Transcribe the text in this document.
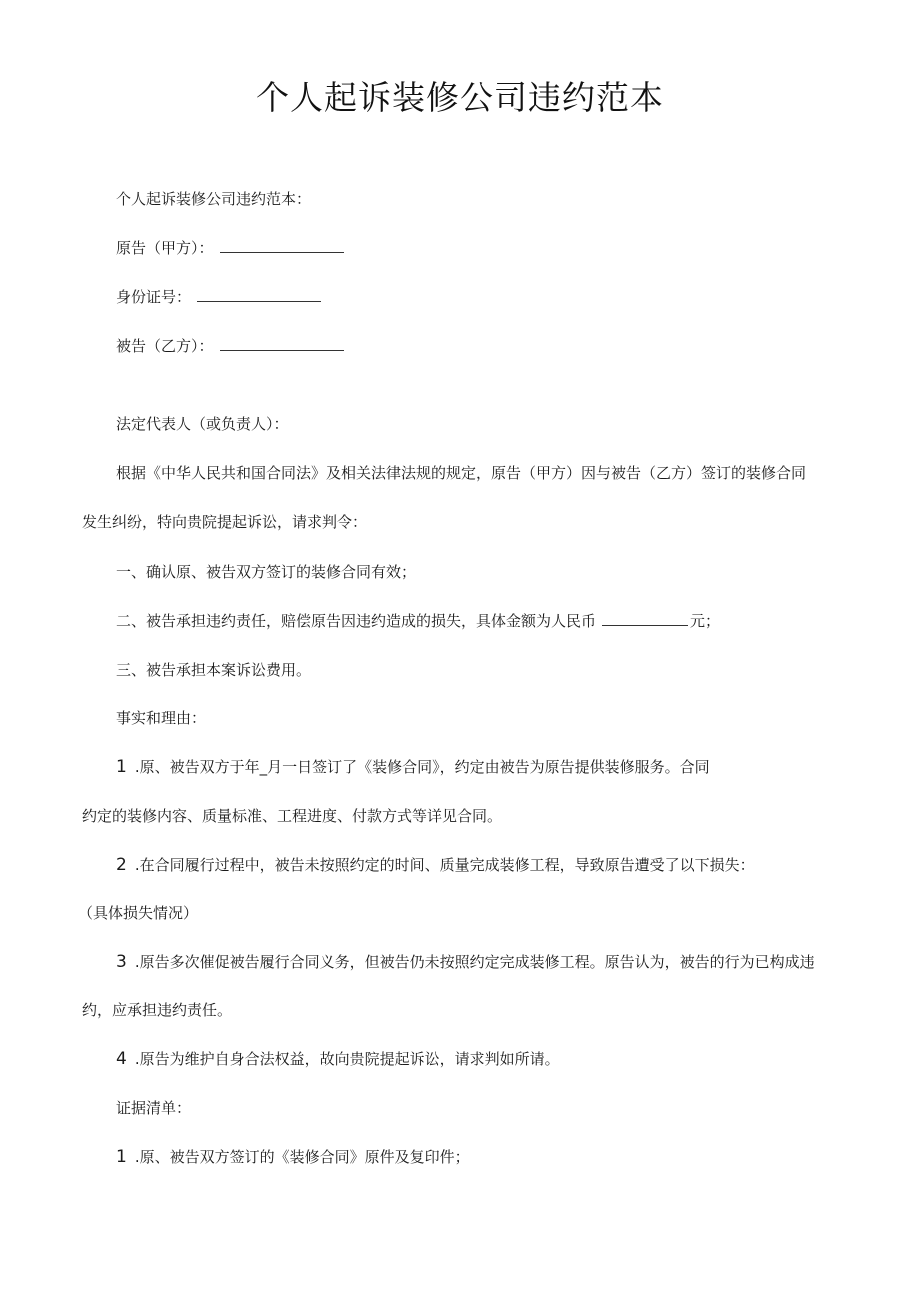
个人起诉装修公司违约范本
个人起诉装修公司违约范本：
原告（甲方）：
身份证号：
被告（乙方）：
法定代表人（或负责人）：
根据《中华人民共和国合同法》及相关法律法规的规定，原告（甲方）因与被告（乙方）签订的装修合同
发生纠纷，特向贵院提起诉讼，请求判令：
一、确认原、被告双方签订的装修合同有效；
二、被告承担违约责任，赔偿原告因违约造成的损失，具体金额为人民币	元；
三、被告承担本案诉讼费用。
事实和理由：
1 .原、被告双方于年_月一日签订了《装修合同》，约定由被告为原告提供装修服务。合同
约定的装修内容、质量标准、工程进度、付款方式等详见合同。
2 .在合同履行过程中，被告未按照约定的时间、质量完成装修工程，导致原告遭受了以下损失：
（具体损失情况）
3 .原告多次催促被告履行合同义务，但被告仍未按照约定完成装修工程。原告认为，被告的行为已构成违
约，应承担违约责任。
4 .原告为维护自身合法权益，故向贵院提起诉讼，请求判如所请。
证据清单：
1 .原、被告双方签订的《装修合同》原件及复印件；
